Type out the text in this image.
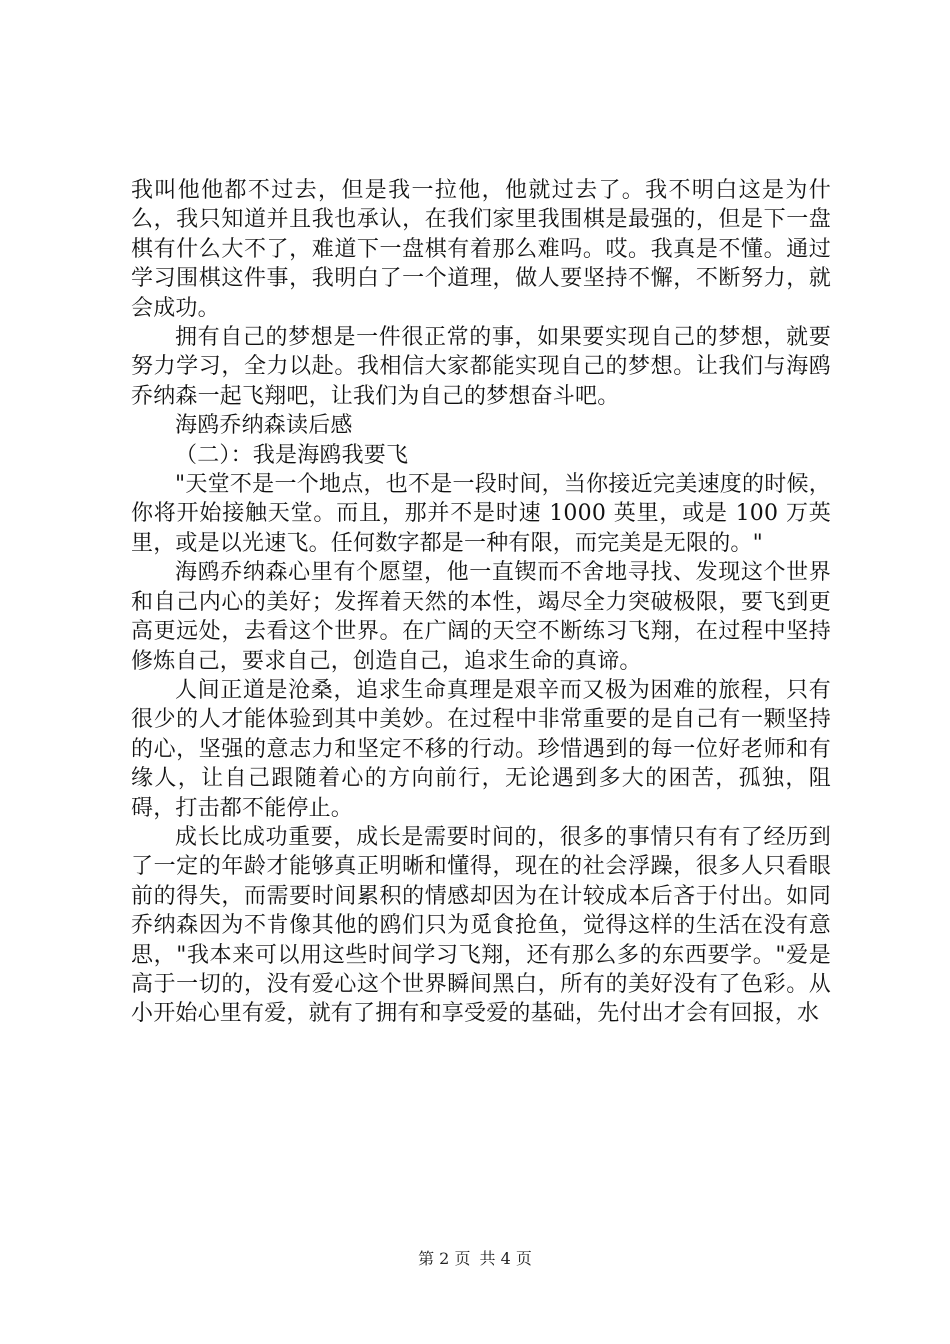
我叫他他都不过去，但是我一拉他，他就过去了。我不明白这是为什么，我只知道并且我也承认，在我们家里我围棋是最强的，但是下一盘棋有什么大不了，难道下一盘棋有着那么难吗。哎。我真是不懂。通过学习围棋这件事，我明白了一个道理，做人要坚持不懈，不断努力，就会成功。

拥有自己的梦想是一件很正常的事，如果要实现自己的梦想，就要努力学习，全力以赴。我相信大家都能实现自己的梦想。让我们与海鸥乔纳森一起飞翔吧，让我们为自己的梦想奋斗吧。

海鸥乔纳森读后感

（二）：我是海鸥我要飞

"天堂不是一个地点，也不是一段时间，当你接近完美速度的时候，你将开始接触天堂。而且，那并不是时速 1000 英里，或是 100 万英里，或是以光速飞。任何数字都是一种有限，而完美是无限的。"

海鸥乔纳森心里有个愿望，他一直锲而不舍地寻找、发现这个世界和自己内心的美好；发挥着天然的本性，竭尽全力突破极限，要飞到更高更远处，去看这个世界。在广阔的天空不断练习飞翔，在过程中坚持修炼自己，要求自己，创造自己，追求生命的真谛。

人间正道是沧桑，追求生命真理是艰辛而又极为困难的旅程，只有很少的人才能体验到其中美妙。在过程中非常重要的是自己有一颗坚持的心，坚强的意志力和坚定不移的行动。珍惜遇到的每一位好老师和有缘人，让自己跟随着心的方向前行，无论遇到多大的困苦，孤独，阻碍，打击都不能停止。

成长比成功重要，成长是需要时间的，很多的事情只有有了经历到了一定的年龄才能够真正明晰和懂得，现在的社会浮躁，很多人只看眼前的得失，而需要时间累积的情感却因为在计较成本后吝于付出。如同乔纳森因为不肯像其他的鸥们只为觅食抢鱼，觉得这样的生活在没有意思，"我本来可以用这些时间学习飞翔，还有那么多的东西要学。"爱是高于一切的，没有爱心这个世界瞬间黑白，所有的美好没有了色彩。从小开始心里有爱，就有了拥有和享受爱的基础，先付出才会有回报，水

第 2 页 共 4 页
